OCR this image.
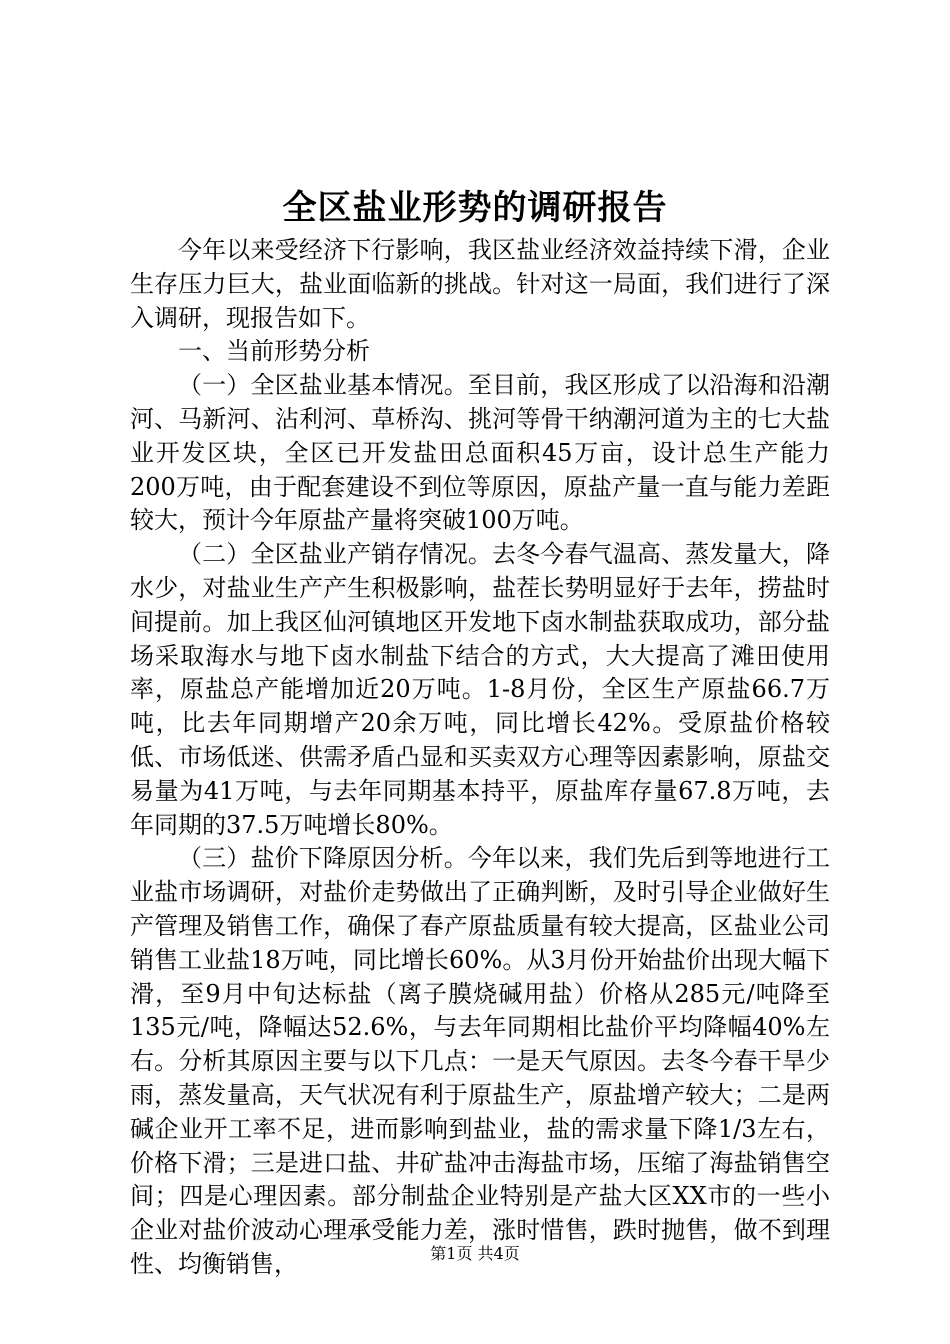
全区盐业形势的调研报告

今年以来受经济下行影响，我区盐业经济效益持续下滑，企业生存压力巨大，盐业面临新的挑战。针对这一局面，我们进行了深入调研，现报告如下。

一、当前形势分析

（一）全区盐业基本情况。至目前，我区形成了以沿海和沿潮河、马新河、沾利河、草桥沟、挑河等骨干纳潮河道为主的七大盐业开发区块，全区已开发盐田总面积45万亩，设计总生产能力200万吨，由于配套建设不到位等原因，原盐产量一直与能力差距较大，预计今年原盐产量将突破100万吨。

（二）全区盐业产销存情况。去冬今春气温高、蒸发量大，降水少，对盐业生产产生积极影响，盐茬长势明显好于去年，捞盐时间提前。加上我区仙河镇地区开发地下卤水制盐获取成功，部分盐场采取海水与地下卤水制盐下结合的方式，大大提高了滩田使用率，原盐总产能增加近20万吨。1-8月份，全区生产原盐66.7万吨，比去年同期增产20余万吨，同比增长42%。受原盐价格较低、市场低迷、供需矛盾凸显和买卖双方心理等因素影响，原盐交易量为41万吨，与去年同期基本持平，原盐库存量67.8万吨，去年同期的37.5万吨增长80%。

（三）盐价下降原因分析。今年以来，我们先后到等地进行工业盐市场调研，对盐价走势做出了正确判断，及时引导企业做好生产管理及销售工作，确保了春产原盐质量有较大提高，区盐业公司销售工业盐18万吨，同比增长60%。从3月份开始盐价出现大幅下滑，至9月中旬达标盐（离子膜烧碱用盐）价格从285元/吨降至135元/吨，降幅达52.6%，与去年同期相比盐价平均降幅40%左右。分析其原因主要与以下几点：一是天气原因。去冬今春干旱少雨，蒸发量高，天气状况有利于原盐生产，原盐增产较大；二是两碱企业开工率不足，进而影响到盐业，盐的需求量下降1/3左右，价格下滑；三是进口盐、井矿盐冲击海盐市场，压缩了海盐销售空间；四是心理因素。部分制盐企业特别是产盐大区XX市的一些小企业对盐价波动心理承受能力差，涨时惜售，跌时抛售，做不到理性、均衡销售，	第1页 共4页
